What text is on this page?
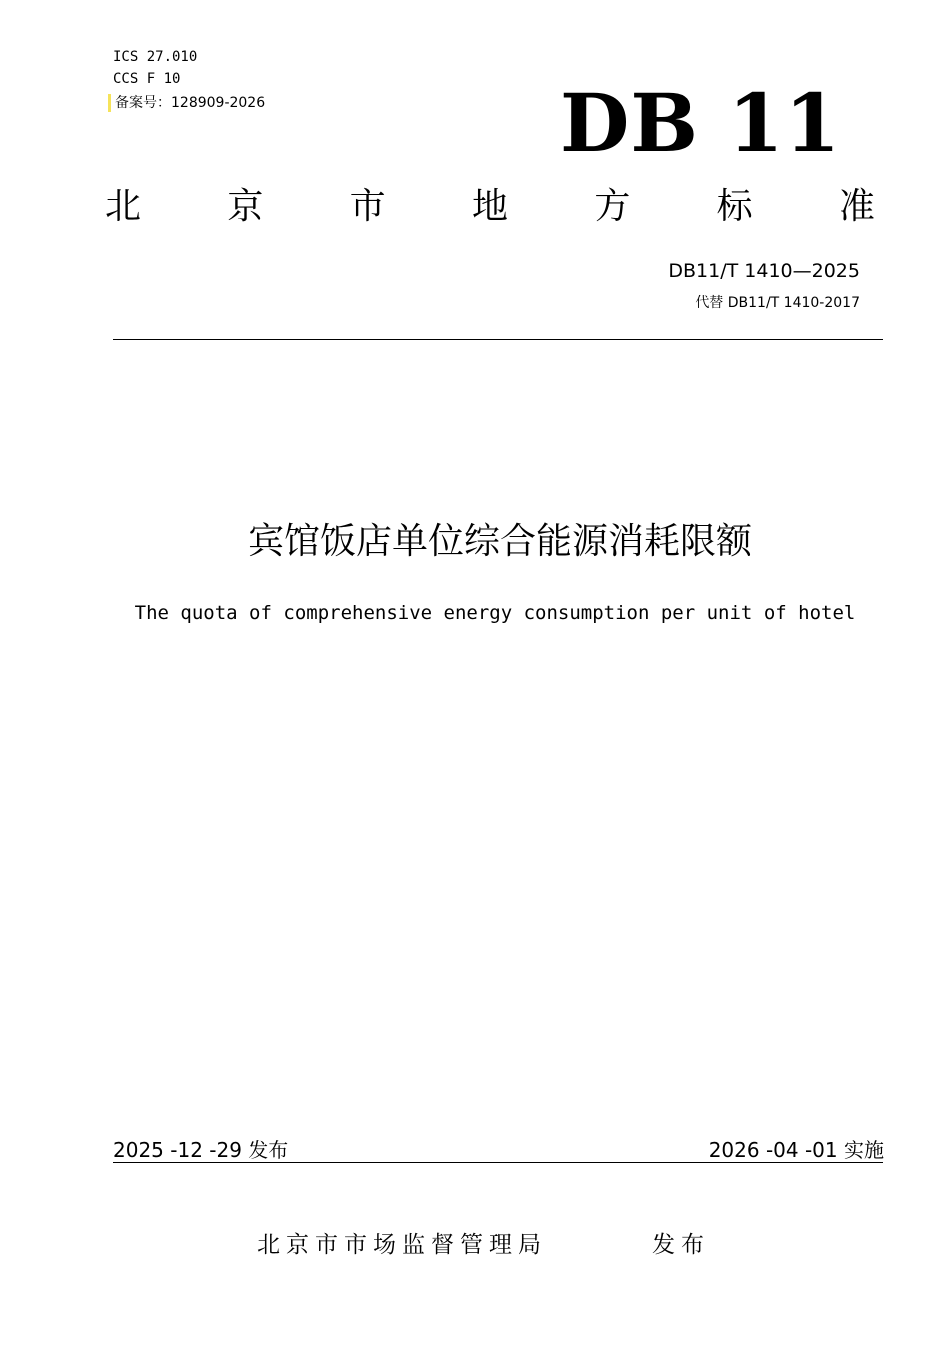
ICS 27.010
CCS F 10
备案号：128909-2026	DB 11
北 京 市 地 方 标 准
DB11/T 1410—2025
代替 DB11/T 1410-2017
宾馆饭店单位综合能源消耗限额
The quota of comprehensive energy consumption per unit of hotel
2025 -12 -29 发布	2026 -04 -01 实施
北京市市场监督管理局	发布
